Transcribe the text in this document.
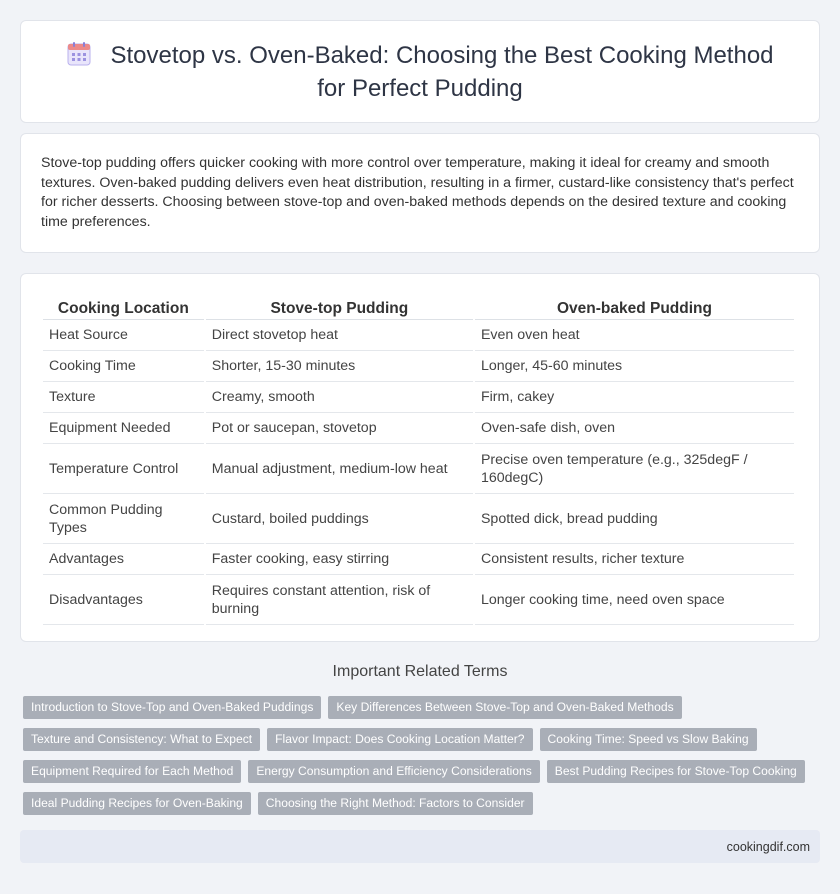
Stovetop vs. Oven-Baked: Choosing the Best Cooking Method for Perfect Pudding

Stove-top pudding offers quicker cooking with more control over temperature, making it ideal for creamy and smooth textures. Oven-baked pudding delivers even heat distribution, resulting in a firmer, custard-like consistency that's perfect for richer desserts. Choosing between stove-top and oven-baked methods depends on the desired texture and cooking time preferences.

Cooking Location	Stove-top Pudding	Oven-baked Pudding
Heat Source	Direct stovetop heat	Even oven heat
Cooking Time	Shorter, 15-30 minutes	Longer, 45-60 minutes
Texture	Creamy, smooth	Firm, cakey
Equipment Needed	Pot or saucepan, stovetop	Oven-safe dish, oven
Temperature Control	Manual adjustment, medium-low heat	Precise oven temperature (e.g., 325degF / 160degC)
Common Pudding Types	Custard, boiled puddings	Spotted dick, bread pudding
Advantages	Faster cooking, easy stirring	Consistent results, richer texture
Disadvantages	Requires constant attention, risk of burning	Longer cooking time, need oven space
Important Related Terms
Introduction to Stove-Top and Oven-Baked Puddings	Key Differences Between Stove-Top and Oven-Baked Methods
Texture and Consistency: What to Expect	Flavor Impact: Does Cooking Location Matter?	Cooking Time: Speed vs Slow Baking
Equipment Required for Each Method	Energy Consumption and Efficiency Considerations	Best Pudding Recipes for Stove-Top Cooking
Ideal Pudding Recipes for Oven-Baking	Choosing the Right Method: Factors to Consider
cookingdif.com
